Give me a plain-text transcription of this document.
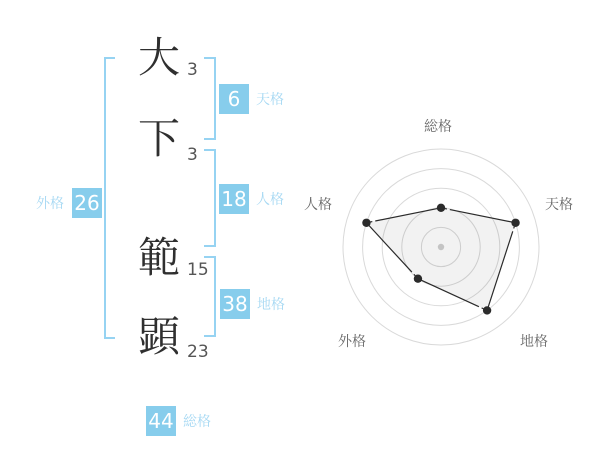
大 3
下 3
範 15
顕 23
6	天格
18 人格
38 地格
26
外格
44 総格
総格
天格
地格
外格
人格
